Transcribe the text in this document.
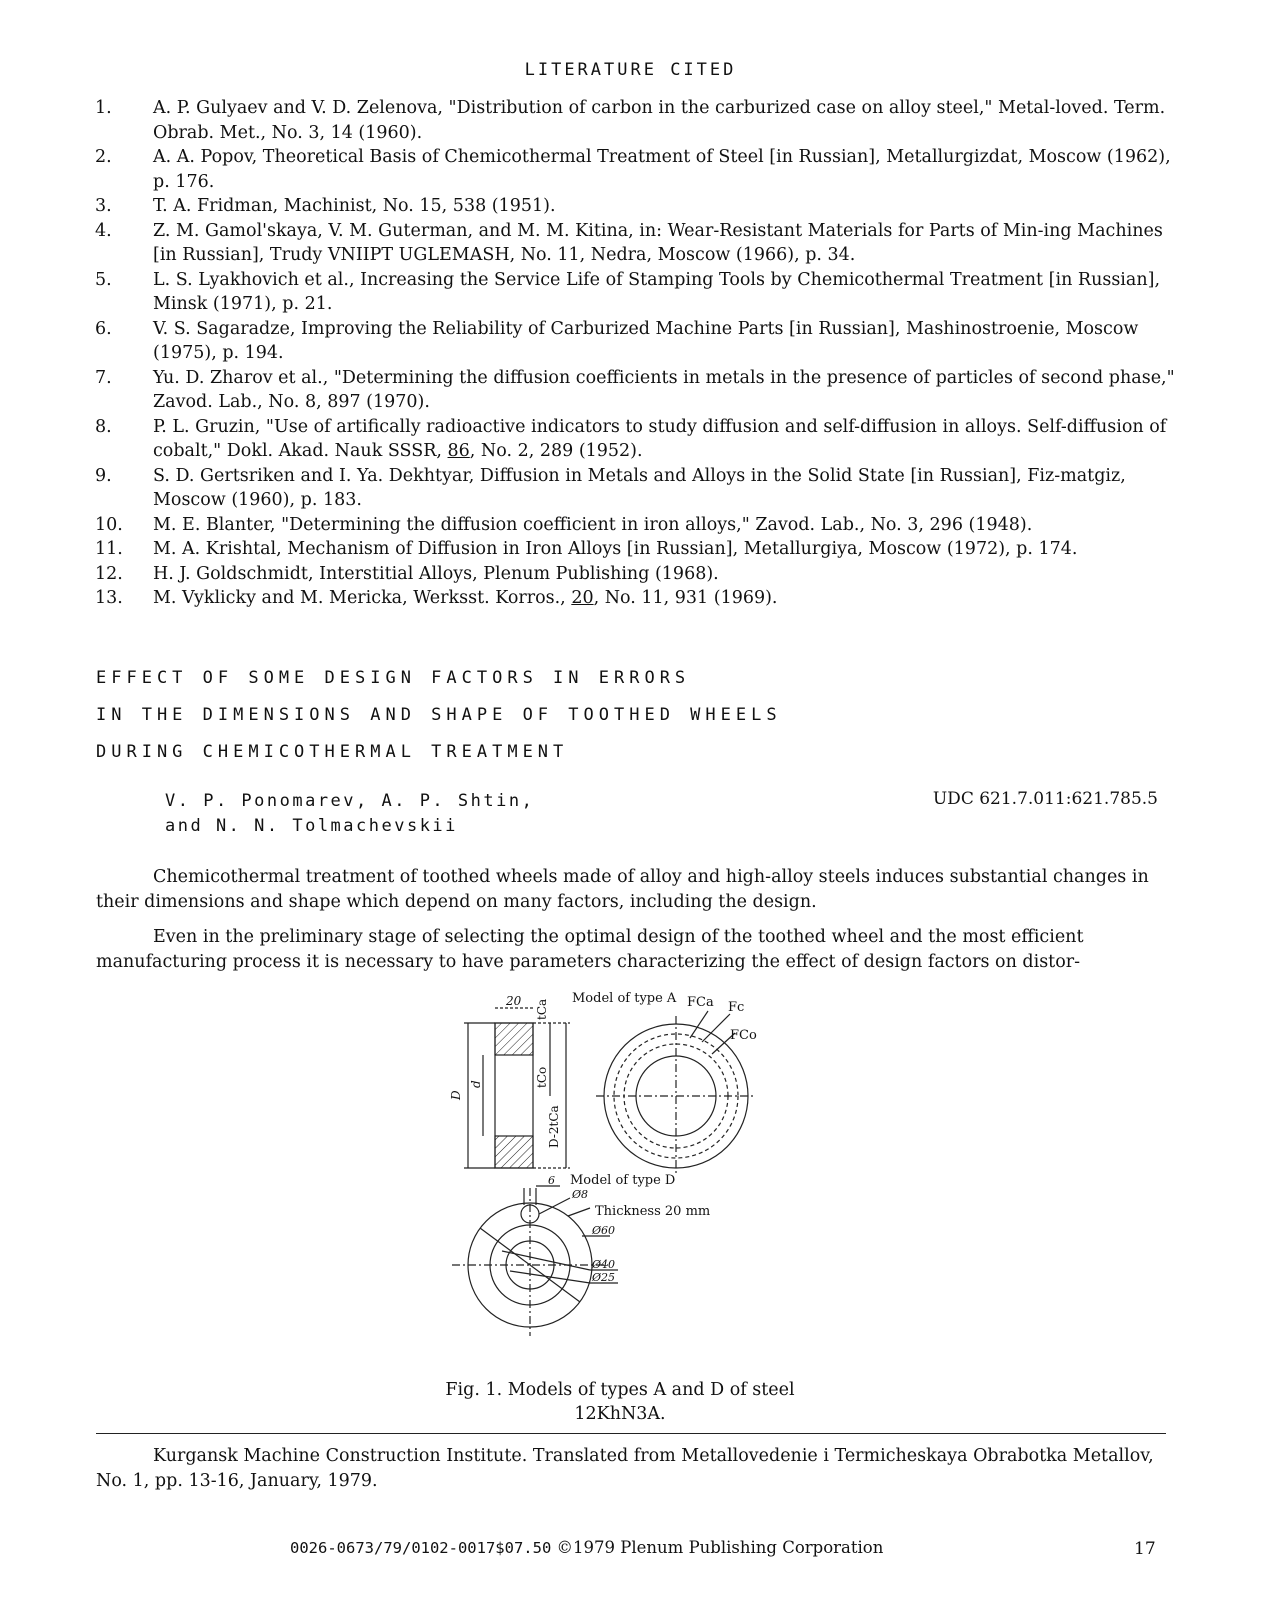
LITERATURE CITED
1. A. P. Gulyaev and V. D. Zelenova, "Distribution of carbon in the carburized case on alloy steel," Metal-loved. Term. Obrab. Met., No. 3, 14 (1960).
2. A. A. Popov, Theoretical Basis of Chemicothermal Treatment of Steel [in Russian], Metallurgizdat, Moscow (1962), p. 176.
3. T. A. Fridman, Machinist, No. 15, 538 (1951).
4. Z. M. Gamol'skaya, V. M. Guterman, and M. M. Kitina, in: Wear-Resistant Materials for Parts of Min-ing Machines [in Russian], Trudy VNIIPT UGLEMASH, No. 11, Nedra, Moscow (1966), p. 34.
5. L. S. Lyakhovich et al., Increasing the Service Life of Stamping Tools by Chemicothermal Treatment [in Russian], Minsk (1971), p. 21.
6. V. S. Sagaradze, Improving the Reliability of Carburized Machine Parts [in Russian], Mashinostroenie, Moscow (1975), p. 194.
7. Yu. D. Zharov et al., "Determining the diffusion coefficients in metals in the presence of particles of second phase," Zavod. Lab., No. 8, 897 (1970).
8. P. L. Gruzin, "Use of artifically radioactive indicators to study diffusion and self-diffusion in alloys. Self-diffusion of cobalt," Dokl. Akad. Nauk SSSR, 86, No. 2, 289 (1952).
9. S. D. Gertsriken and I. Ya. Dekhtyar, Diffusion in Metals and Alloys in the Solid State [in Russian], Fiz-matgiz, Moscow (1960), p. 183.
10. M. E. Blanter, "Determining the diffusion coefficient in iron alloys," Zavod. Lab., No. 3, 296 (1948).
11. M. A. Krishtal, Mechanism of Diffusion in Iron Alloys [in Russian], Metallurgiya, Moscow (1972), p. 174.
12. H. J. Goldschmidt, Interstitial Alloys, Plenum Publishing (1968).
13. M. Vyklicky and M. Mericka, Werksst. Korros., 20, No. 11, 931 (1969).
EFFECT OF SOME DESIGN FACTORS IN ERRORS
IN THE DIMENSIONS AND SHAPE OF TOOTHED WHEELS
DURING CHEMICOTHERMAL TREATMENT
V. P. Ponomarev, A. P. Shtin,
and N. N. Tolmachevskii
UDC 621.7.011:621.785.5

Chemicothermal treatment of toothed wheels made of alloy and high-alloy steels induces substantial changes in their dimensions and shape which depend on many factors, including the design.

Even in the preliminary stage of selecting the optimal design of the toothed wheel and the most efficient manufacturing process it is necessary to have parameters characterizing the effect of design factors on distor-

20
D
d
tCa
tCo
D-2tCa
Model of type A FCa Fc
FCo
6 Model of type D
Ø8
Thickness 20 mm
Ø60
Ø40
Ø25
Fig. 1. Models of types A and D of steel
12KhN3A.

Kurgansk Machine Construction Institute. Translated from Metallovedenie i Termicheskaya Obrabotka Metallov, No. 1, pp. 13-16, January, 1979.

0026-0673/79/0102-0017$07.50 ©1979 Plenum Publishing Corporation	17
